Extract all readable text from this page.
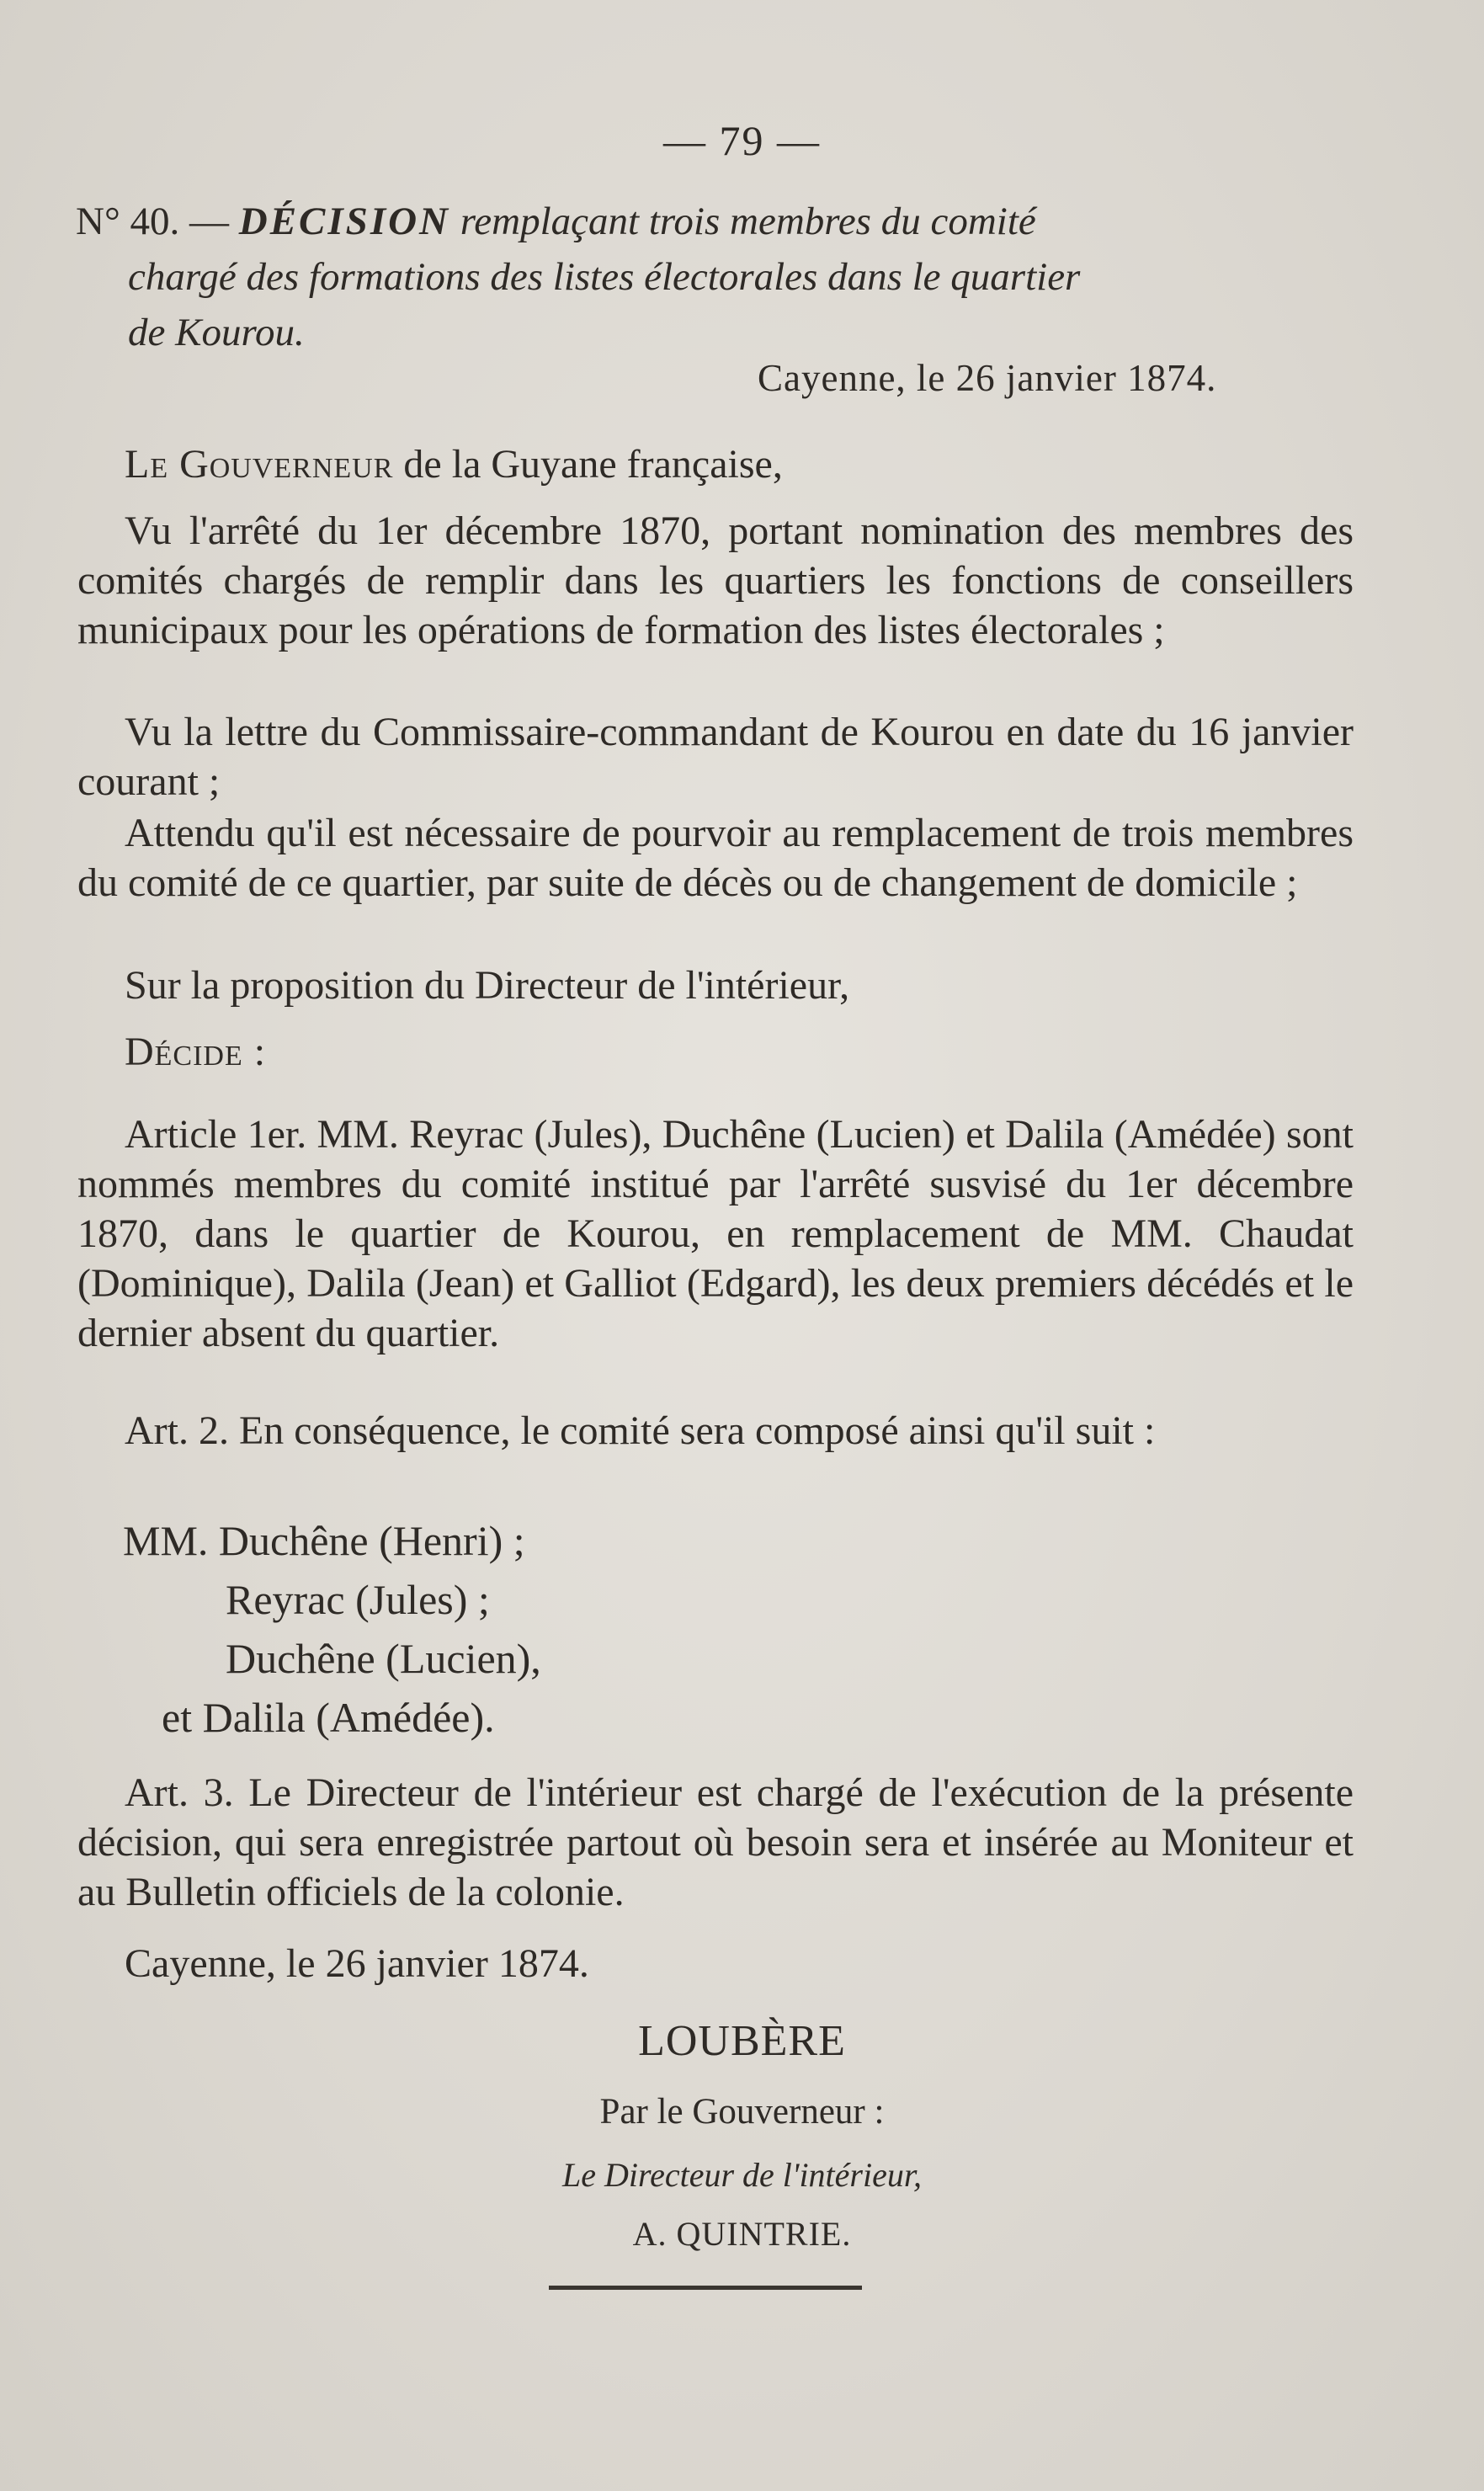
— 79 —
N° 40. — DÉCISION remplaçant trois membres du comité
chargé des formations des listes électorales dans le quartier
de Kourou.
Cayenne, le 26 janvier 1874.
Le Gouverneur de la Guyane française,
Vu l'arrêté du 1er décembre 1870, portant nomination des membres des comités chargés de remplir dans les quartiers les fonctions de conseillers municipaux pour les opérations de formation des listes électorales ;
Vu la lettre du Commissaire-commandant de Kourou en date du 16 janvier courant ;
Attendu qu'il est nécessaire de pourvoir au remplacement de trois membres du comité de ce quartier, par suite de décès ou de changement de domicile ;
Sur la proposition du Directeur de l'intérieur,
Décide :
Article 1er. MM. Reyrac (Jules), Duchêne (Lucien) et Dalila (Amédée) sont nommés membres du comité institué par l'arrêté susvisé du 1er décembre 1870, dans le quartier de Kourou, en remplacement de MM. Chaudat (Dominique), Dalila (Jean) et Galliot (Edgard), les deux premiers décédés et le dernier absent du quartier.
Art. 2. En conséquence, le comité sera composé ainsi qu'il suit :
MM. Duchêne (Henri) ;
Reyrac (Jules) ;
Duchêne (Lucien),
et Dalila (Amédée).
Art. 3. Le Directeur de l'intérieur est chargé de l'exécution de la présente décision, qui sera enregistrée partout où besoin sera et insérée au Moniteur et au Bulletin officiels de la colonie.
Cayenne, le 26 janvier 1874.
LOUBÈRE
Par le Gouverneur :
Le Directeur de l'intérieur,
A. QUINTRIE.
